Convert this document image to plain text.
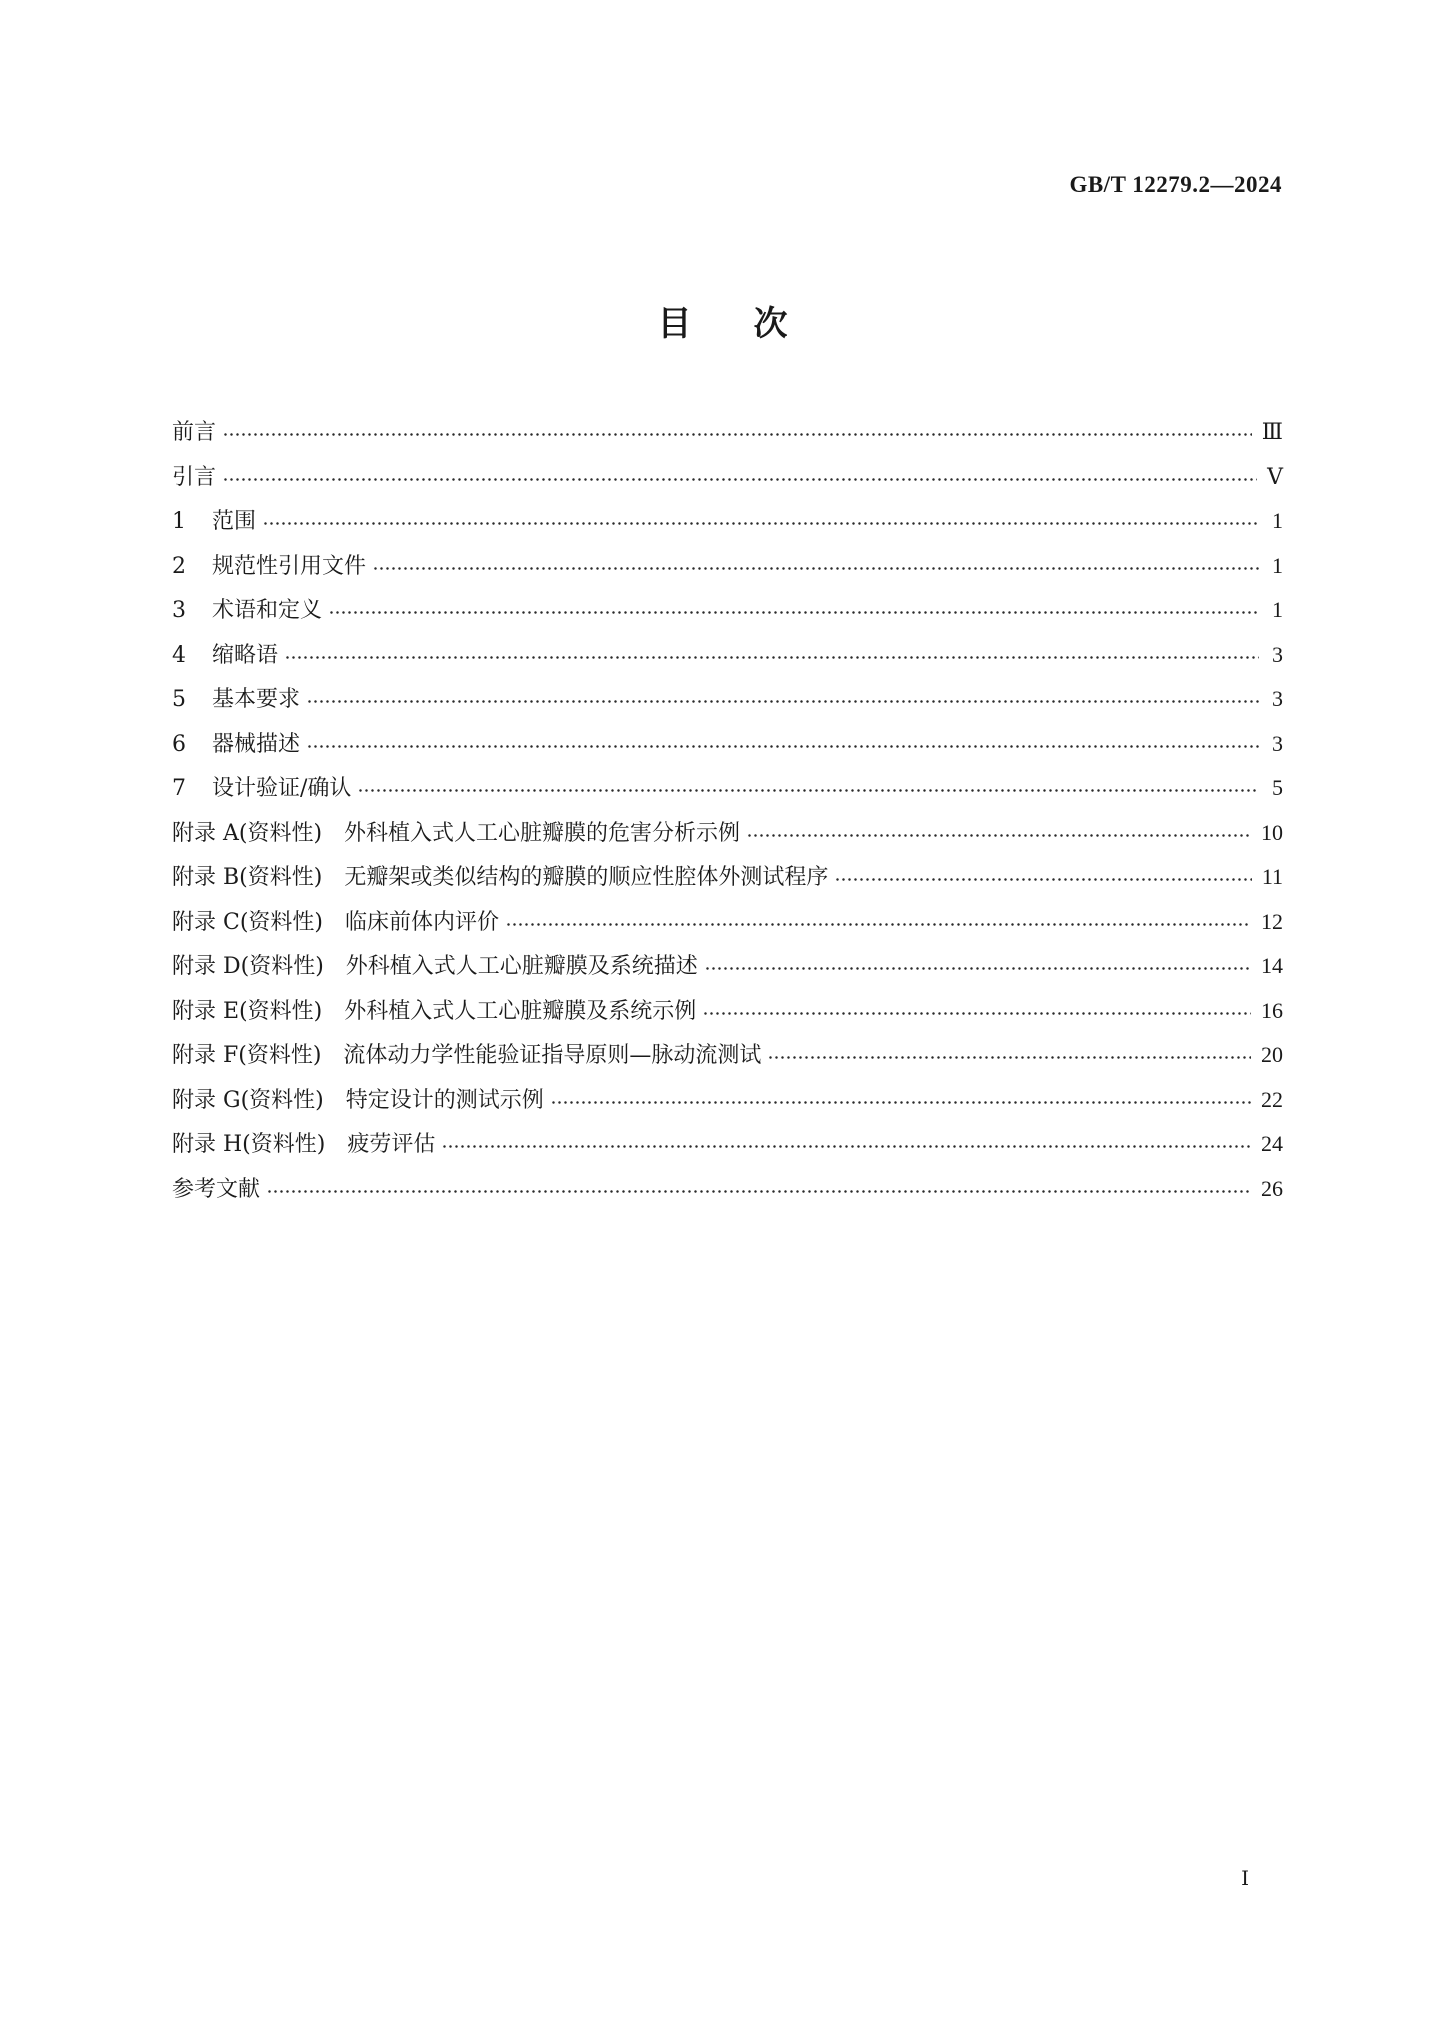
GB/T 12279.2—2024
目次
前言	Ⅲ
引言	Ⅴ
1	范围	1
2	规范性引用文件	1
3	术语和定义	1
4	缩略语	3
5	基本要求	3
6	器械描述	3
7	设计验证/确认	5
附录 A(资料性)　外科植入式人工心脏瓣膜的危害分析示例	10
附录 B(资料性)　无瓣架或类似结构的瓣膜的顺应性腔体外测试程序	11
附录 C(资料性)　临床前体内评价	12
附录 D(资料性)　外科植入式人工心脏瓣膜及系统描述	14
附录 E(资料性)　外科植入式人工心脏瓣膜及系统示例	16
附录 F(资料性)　流体动力学性能验证指导原则—脉动流测试	20
附录 G(资料性)　特定设计的测试示例	22
附录 H(资料性)　疲劳评估	24
参考文献	26
Ⅰ
